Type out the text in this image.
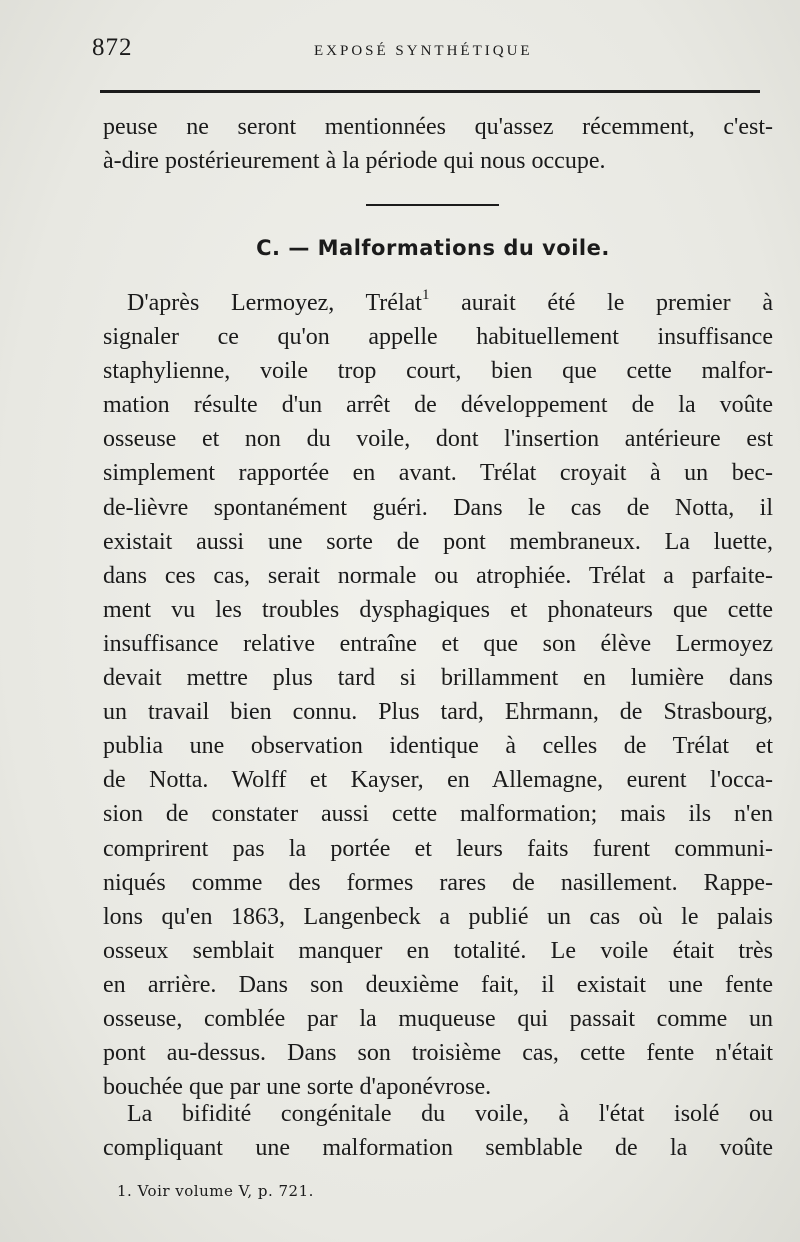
872	EXPOSÉ SYNTHÉTIQUE
peuse ne seront mentionnées qu'assez récemment, c'est-
à-dire postérieurement à la période qui nous occupe.
C. — Malformations du voile.
D'après Lermoyez, Trélat$^1$ aurait été le premier à
signaler ce qu'on appelle habituellement insuffisance
staphylienne, voile trop court, bien que cette malfor-
mation résulte d'un arrêt de développement de la voûte
osseuse et non du voile, dont l'insertion antérieure est
simplement rapportée en avant. Trélat croyait à un bec-
de-lièvre spontanément guéri. Dans le cas de Notta, il
existait aussi une sorte de pont membraneux. La luette,
dans ces cas, serait normale ou atrophiée. Trélat a parfaite-
ment vu les troubles dysphagiques et phonateurs que cette
insuffisance relative entraîne et que son élève Lermoyez
devait mettre plus tard si brillamment en lumière dans
un travail bien connu. Plus tard, Ehrmann, de Strasbourg,
publia une observation identique à celles de Trélat et
de Notta. Wolff et Kayser, en Allemagne, eurent l'occa-
sion de constater aussi cette malformation; mais ils n'en
comprirent pas la portée et leurs faits furent communi-
niqués comme des formes rares de nasillement. Rappe-
lons qu'en 1863, Langenbeck a publié un cas où le palais
osseux semblait manquer en totalité. Le voile était très
en arrière. Dans son deuxième fait, il existait une fente
osseuse, comblée par la muqueuse qui passait comme un
pont au-dessus. Dans son troisième cas, cette fente n'était
bouchée que par une sorte d'aponévrose.
La bifidité congénitale du voile, à l'état isolé ou
compliquant une malformation semblable de la voûte
1. Voir volume V, p. 721.
